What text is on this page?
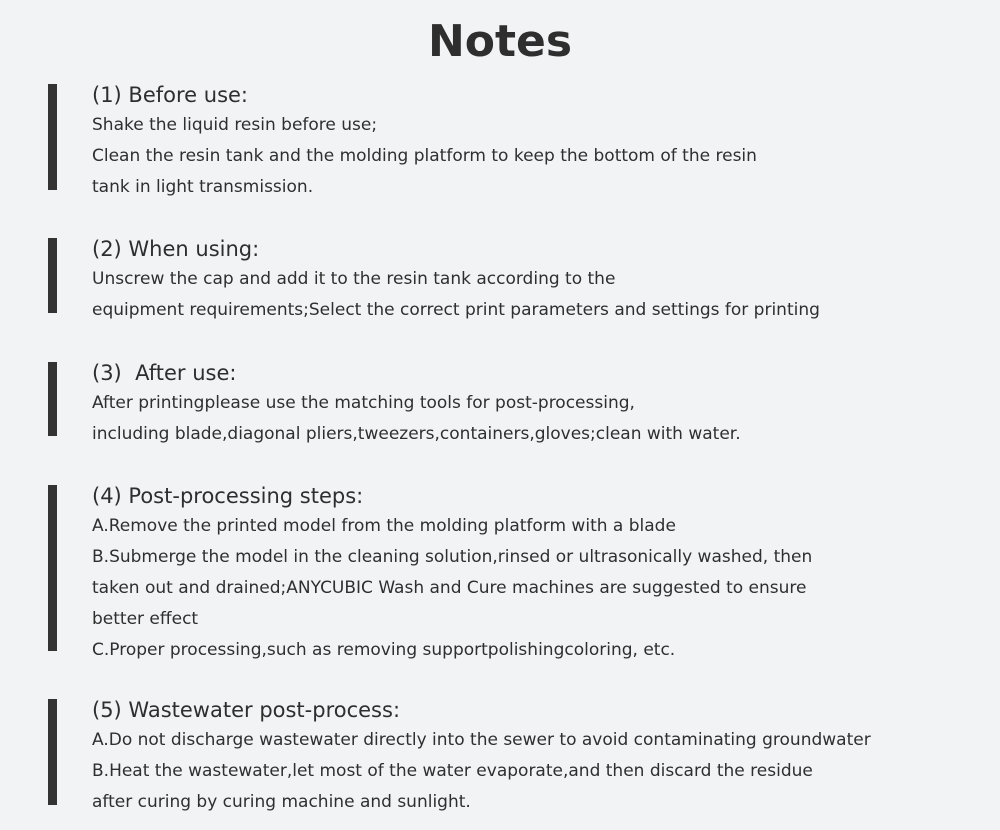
Notes
(1) Before use:
Shake the liquid resin before use;
Clean the resin tank and the molding platform to keep the bottom of the resin
tank in light transmission.
(2) When using:
Unscrew the cap and add it to the resin tank according to the
equipment requirements;Select the correct print parameters and settings for printing
(3)  After use:
After printingplease use the matching tools for post-processing,
including blade,diagonal pliers,tweezers,containers,gloves;clean with water.
(4) Post-processing steps:
A.Remove the printed model from the molding platform with a blade
B.Submerge the model in the cleaning solution,rinsed or ultrasonically washed, then
taken out and drained;ANYCUBIC Wash and Cure machines are suggested to ensure
better effect
C.Proper processing,such as removing supportpolishingcoloring, etc.
(5) Wastewater post-process:
A.Do not discharge wastewater directly into the sewer to avoid contaminating groundwater
B.Heat the wastewater,let most of the water evaporate,and then discard the residue
after curing by curing machine and sunlight.
